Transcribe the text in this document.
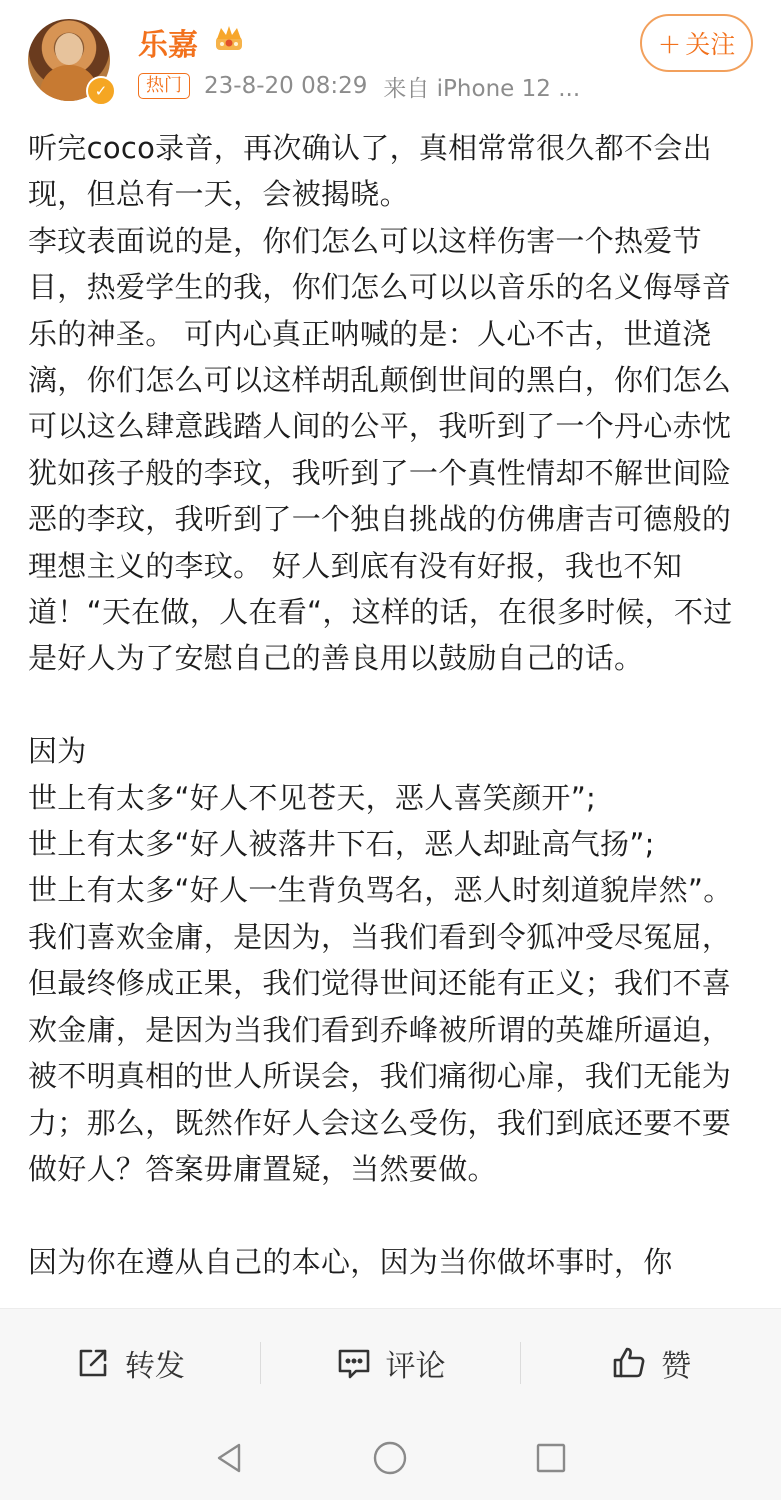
✓
乐嘉
热门 23-8-20 08:29 来自 iPhone 12 ...
+ 关注

听完coco录音，再次确认了，真相常常很久都不会出现，但总有一天，会被揭晓。

李玟表面说的是，你们怎么可以这样伤害一个热爱节目，热爱学生的我，你们怎么可以以音乐的名义侮辱音乐的神圣。 可内心真正呐喊的是：人心不古，世道浇漓，你们怎么可以这样胡乱颠倒世间的黑白，你们怎么可以这么肆意践踏人间的公平，我听到了一个丹心赤忱犹如孩子般的李玟，我听到了一个真性情却不解世间险恶的李玟，我听到了一个独自挑战的仿佛唐吉可德般的理想主义的李玟。 好人到底有没有好报，我也不知道！“天在做，人在看“，这样的话，在很多时候，不过是好人为了安慰自己的善良用以鼓励自己的话。

因为

世上有太多“好人不见苍天，恶人喜笑颜开”;

世上有太多“好人被落井下石，恶人却趾高气扬”;

世上有太多“好人一生背负骂名，恶人时刻道貌岸然”。我们喜欢金庸，是因为，当我们看到令狐冲受尽冤屈，但最终修成正果，我们觉得世间还能有正义；我们不喜欢金庸，是因为当我们看到乔峰被所谓的英雄所逼迫，被不明真相的世人所误会，我们痛彻心扉，我们无能为力；那么，既然作好人会这么受伤，我们到底还要不要做好人？答案毋庸置疑，当然要做。

因为你在遵从自己的本心，因为当你做坏事时，你

转发	评论	赞
